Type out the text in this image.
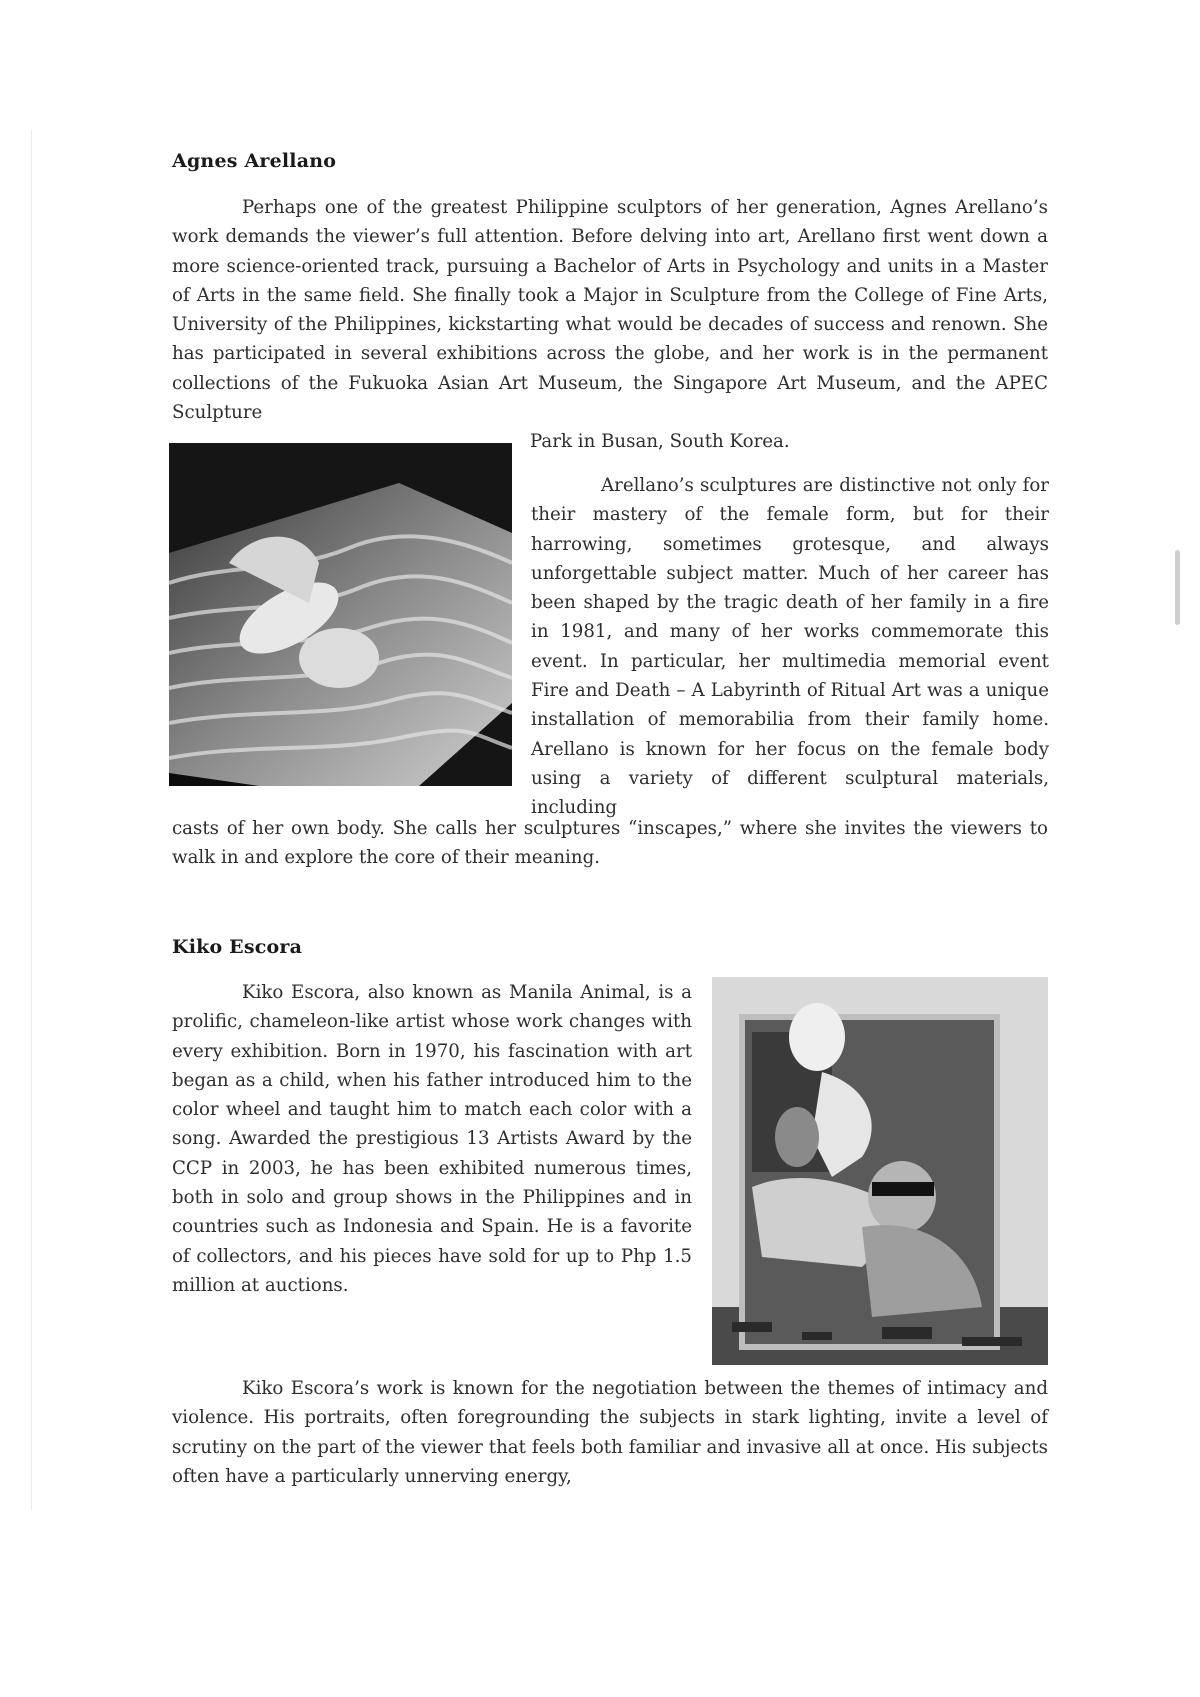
Agnes Arellano

Perhaps one of the greatest Philippine sculptors of her generation, Agnes Arellano’s work demands the viewer’s full attention. Before delving into art, Arellano first went down a more science-oriented track, pursuing a Bachelor of Arts in Psychology and units in a Master of Arts in the same field. She finally took a Major in Sculpture from the College of Fine Arts, University of the Philippines, kickstarting what would be decades of success and renown. She has participated in several exhibitions across the globe, and her work is in the permanent collections of the Fukuoka Asian Art Museum, the Singapore Art Museum, and the APEC Sculpture

Park in Busan, South Korea.

Arellano’s sculptures are distinctive not only for their mastery of the female form, but for their harrowing, sometimes grotesque, and always unforgettable subject matter. Much of her career has been shaped by the tragic death of her family in a fire in 1981, and many of her works commemorate this event. In particular, her multimedia memorial event Fire and Death – A Labyrinth of Ritual Art was a unique installation of memorabilia from their family home. Arellano is known for her focus on the female body using a variety of different sculptural materials, including

casts of her own body. She calls her sculptures “inscapes,” where she invites the viewers to walk in and explore the core of their meaning.

Kiko Escora

Kiko Escora, also known as Manila Animal, is a prolific, chameleon-like artist whose work changes with every exhibition. Born in 1970, his fascination with art began as a child, when his father introduced him to the color wheel and taught him to match each color with a song. Awarded the prestigious 13 Artists Award by the CCP in 2003, he has been exhibited numerous times, both in solo and group shows in the Philippines and in countries such as Indonesia and Spain. He is a favorite of collectors, and his pieces have sold for up to Php 1.5 million at auctions.

Kiko Escora’s work is known for the negotiation between the themes of intimacy and violence. His portraits, often foregrounding the subjects in stark lighting, invite a level of scrutiny on the part of the viewer that feels both familiar and invasive all at once. His subjects often have a particularly unnerving energy,
